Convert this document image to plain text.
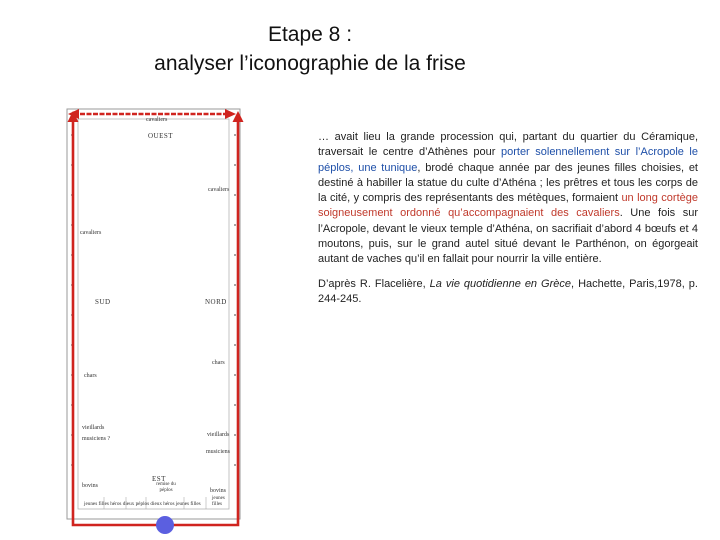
Etape 8 :
analyser l’iconographie de la frise
cavaliers
OUEST
cavaliers
cavaliers
SUD	NORD
chars
chars
vieillards
musiciens ?
vieillards
musiciens
EST
bovins
bovins
jeunes filles
remise du péplos
jeunes filles héros dieux péplos dieux héros jeunes filles

… avait lieu la grande procession qui, partant du quartier du Céramique, traversait le centre d’Athènes pour porter solennellement sur l’Acropole le péplos, une tunique, brodé chaque année par des jeunes filles choisies, et destiné à habiller la statue du culte d’Athéna ; les prêtres et tous les corps de la cité, y compris des représentants des métèques, formaient un long cortège soigneusement ordonné qu’accompagnaient des cavaliers. Une fois sur l’Acropole, devant le vieux temple d’Athéna, on sacrifiait d’abord 4 bœufs et 4 moutons, puis, sur le grand autel situé devant le Parthénon, on égorgeait autant de vaches qu’il en fallait pour nourrir la ville entière.

D’après R. Flacelière, La vie quotidienne en Grèce, Hachette, Paris,1978, p. 244-245.
